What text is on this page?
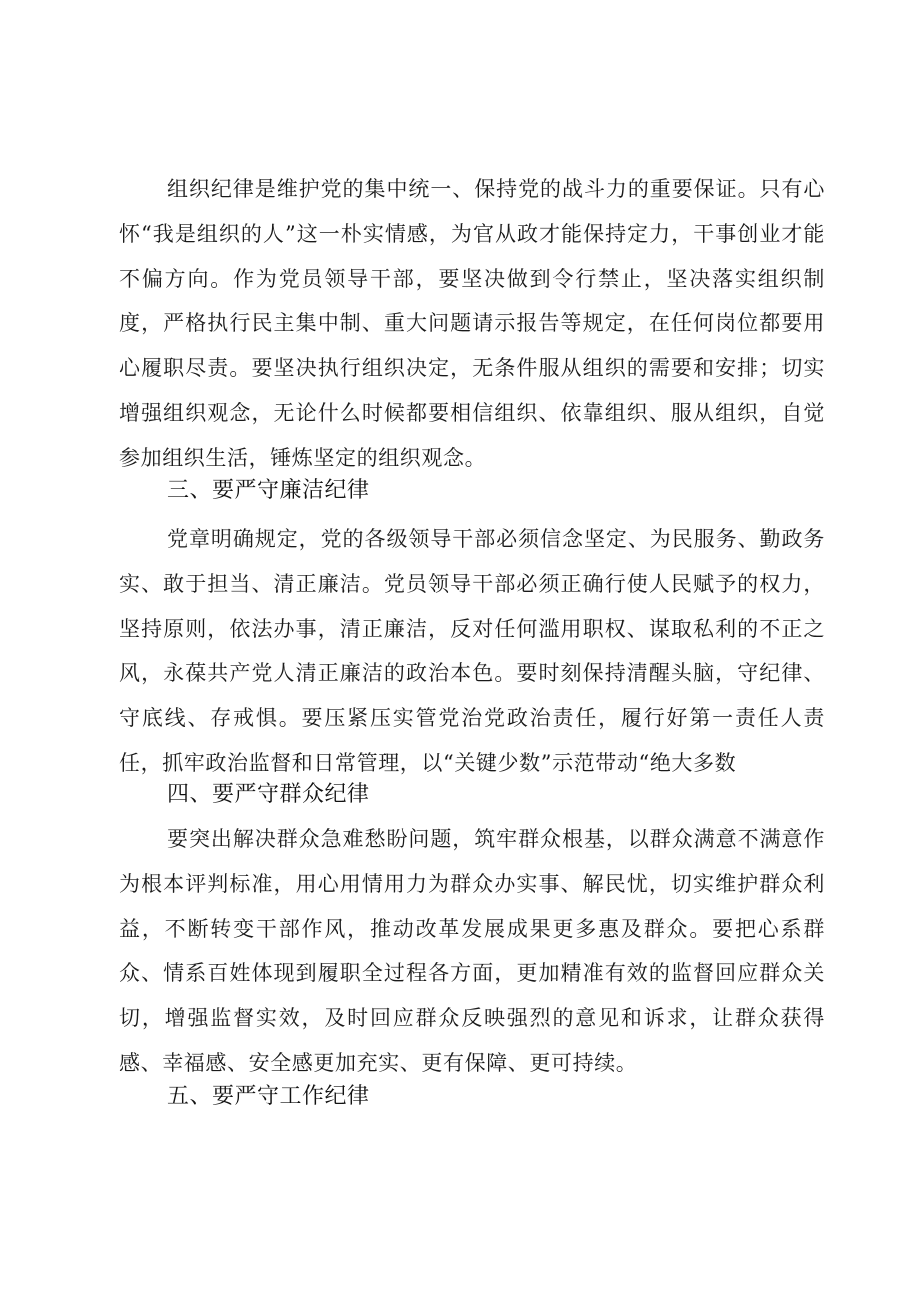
组织纪律是维护党的集中统一、保持党的战斗力的重要保证。只有心怀“我是组织的人”这一朴实情感，为官从政才能保持定力，干事创业才能不偏方向。作为党员领导干部，要坚决做到令行禁止，坚决落实组织制度，严格执行民主集中制、重大问题请示报告等规定，在任何岗位都要用心履职尽责。要坚决执行组织决定，无条件服从组织的需要和安排；切实增强组织观念，无论什么时候都要相信组织、依靠组织、服从组织，自觉参加组织生活，锤炼坚定的组织观念。

三、要严守廉洁纪律

党章明确规定，党的各级领导干部必须信念坚定、为民服务、勤政务实、敢于担当、清正廉洁。党员领导干部必须正确行使人民赋予的权力，坚持原则，依法办事，清正廉洁，反对任何滥用职权、谋取私利的不正之风，永葆共产党人清正廉洁的政治本色。要时刻保持清醒头脑，守纪律、守底线、存戒惧。要压紧压实管党治党政治责任，履行好第一责任人责任，抓牢政治监督和日常管理，以“关键少数”示范带动“绝大多数

四、要严守群众纪律

要突出解决群众急难愁盼问题，筑牢群众根基，以群众满意不满意作为根本评判标准，用心用情用力为群众办实事、解民忧，切实维护群众利益，不断转变干部作风，推动改革发展成果更多惠及群众。要把心系群众、情系百姓体现到履职全过程各方面，更加精准有效的监督回应群众关切，增强监督实效，及时回应群众反映强烈的意见和诉求，让群众获得感、幸福感、安全感更加充实、更有保障、更可持续。

五、要严守工作纪律
